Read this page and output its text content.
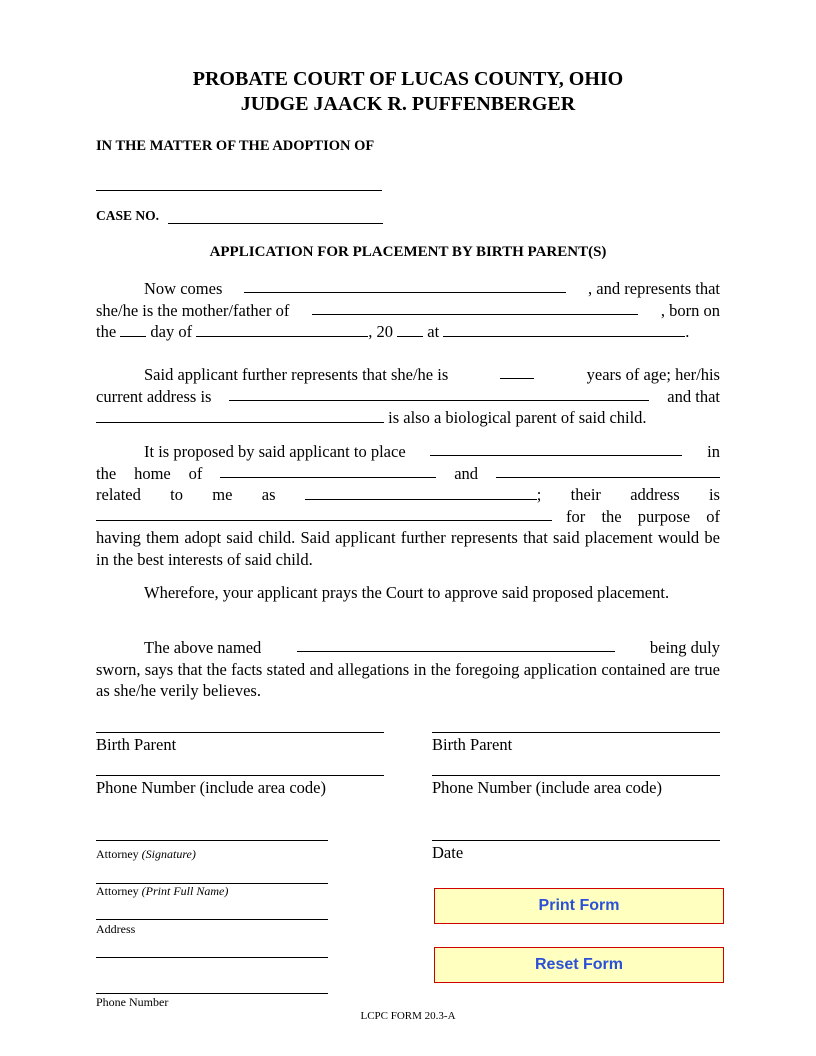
PROBATE COURT OF LUCAS COUNTY, OHIO
JUDGE JAACK R. PUFFENBERGER
IN THE MATTER OF THE ADOPTION OF
CASE NO.
APPLICATION FOR PLACEMENT BY BIRTH PARENT(S)
Now comes	, and represents that
she/he is the mother/father of	, born on
the day of	, 20 at	.
Said applicant further represents that she/he is	years of age; her/his
current address is	and that
is also a biological parent of said child.
It is proposed by said applicant to place	in
the home of	and
related to me as	; their address is
for the purpose of
having them adopt said child. Said applicant further represents that said placement would be in the best interests of said child.
Wherefore, your applicant prays the Court to approve said proposed placement.
The above named	being duly
sworn, says that the facts stated and allegations in the foregoing application contained are true as she/he verily believes.
Birth Parent
Phone Number (include area code)
Birth Parent
Phone Number (include area code)
Date
Attorney (Signature)
Attorney (Print Full Name)
Address
Phone Number
Print Form
Reset Form
LCPC FORM 20.3-A
